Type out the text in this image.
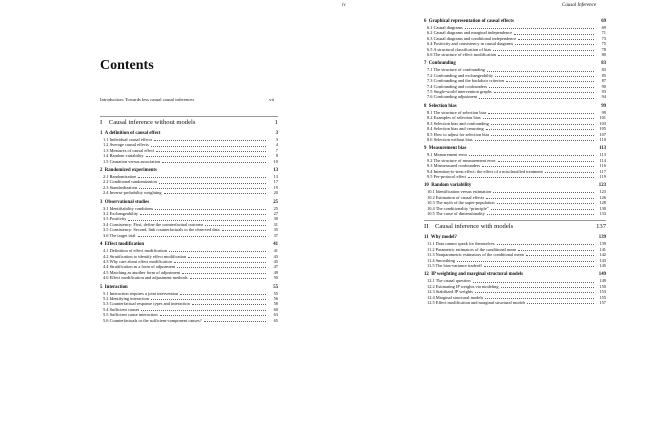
Contents
Introduction: Towards less casual causal inferences	vii
I Causal inference without models	1
1 A definition of causal effect	3
1.1 Individual causal effects	3
1.2 Average causal effects	4
1.3 Measures of causal effect	7
1.4 Random variability	8
1.5 Causation versus association	10
2 Randomized experiments	13
2.1 Randomization	13
2.2 Conditional randomization	17
2.3 Standardization	19
2.4 Inverse probability weighting	20
3 Observational studies	25
3.1 Identifiability conditions	25
3.2 Exchangeability	27
3.3 Positivity	30
3.4 Consistency: First, define the counterfactual outcome	31
3.5 Consistency: Second, link counterfactuals to the observed data	35
3.6 The target trial	37
4 Effect modification	41
4.1 Definition of effect modification	41
4.2 Stratification to identify effect modification	43
4.3 Why care about effect modification	45
4.4 Stratification as a form of adjustment	47
4.5 Matching as another form of adjustment	49
4.6 Effect modification and adjustment methods	50
5 Interaction	55
5.1 Interaction requires a joint intervention	55
5.2 Identifying interaction	56
5.3 Counterfactual response types and interaction	58
5.4 Sufficient causes	60
5.5 Sufficient cause interaction	63
5.6 Counterfactuals or the sufficient-component causes?	65
iv	Causal Inference
6 Graphical representation of causal effects	69
6.1 Causal diagrams	69
6.2 Causal diagrams and marginal independence	71
6.3 Causal diagrams and conditional independence	73
6.4 Positivity and consistency in causal diagrams	75
6.5 A structural classification of bias	78
6.6 The structure of effect modification	80
7 Confounding	83
7.1 The structure of confounding	83
7.2 Confounding and exchangeability	85
7.3 Confounding and the backdoor criterion	87
7.4 Confounding and confounders	90
7.5 Single-world intervention graphs	93
7.6 Confounding adjustment	94
8 Selection bias	99
8.1 The structure of selection bias	99
8.2 Examples of selection bias	101
8.3 Selection bias and confounding	103
8.4 Selection bias and censoring	105
8.5 How to adjust for selection bias	107
8.6 Selection without bias	110
9 Measurement bias	113
9.1 Measurement error	113
9.2 The structure of measurement error	114
9.3 Mismeasured confounders	116
9.4 Intention-to-treat effect: the effect of a misclassified treatment	117
9.5 Per-protocol effect	119
10 Random variability	123
10.1 Identification versus estimation	123
10.2 Estimation of causal effects	126
10.3 The myth of the super-population	128
10.4 The conditionality “principle”	130
10.5 The curse of dimensionality	133
II Causal inference with models	137
11 Why model?	139
11.1 Data cannot speak for themselves	139
11.2 Parametric estimators of the conditional mean	141
11.3 Nonparametric estimators of the conditional mean	142
11.4 Smoothing	143
11.5 The bias-variance tradeoff	145
12 IP weighting and marginal structural models	149
12.1 The causal question	149
12.2 Estimating IP weights via modeling	150
12.3 Stabilized IP weights	153
12.4 Marginal structural models	155
12.5 Effect modification and marginal structural models	157
